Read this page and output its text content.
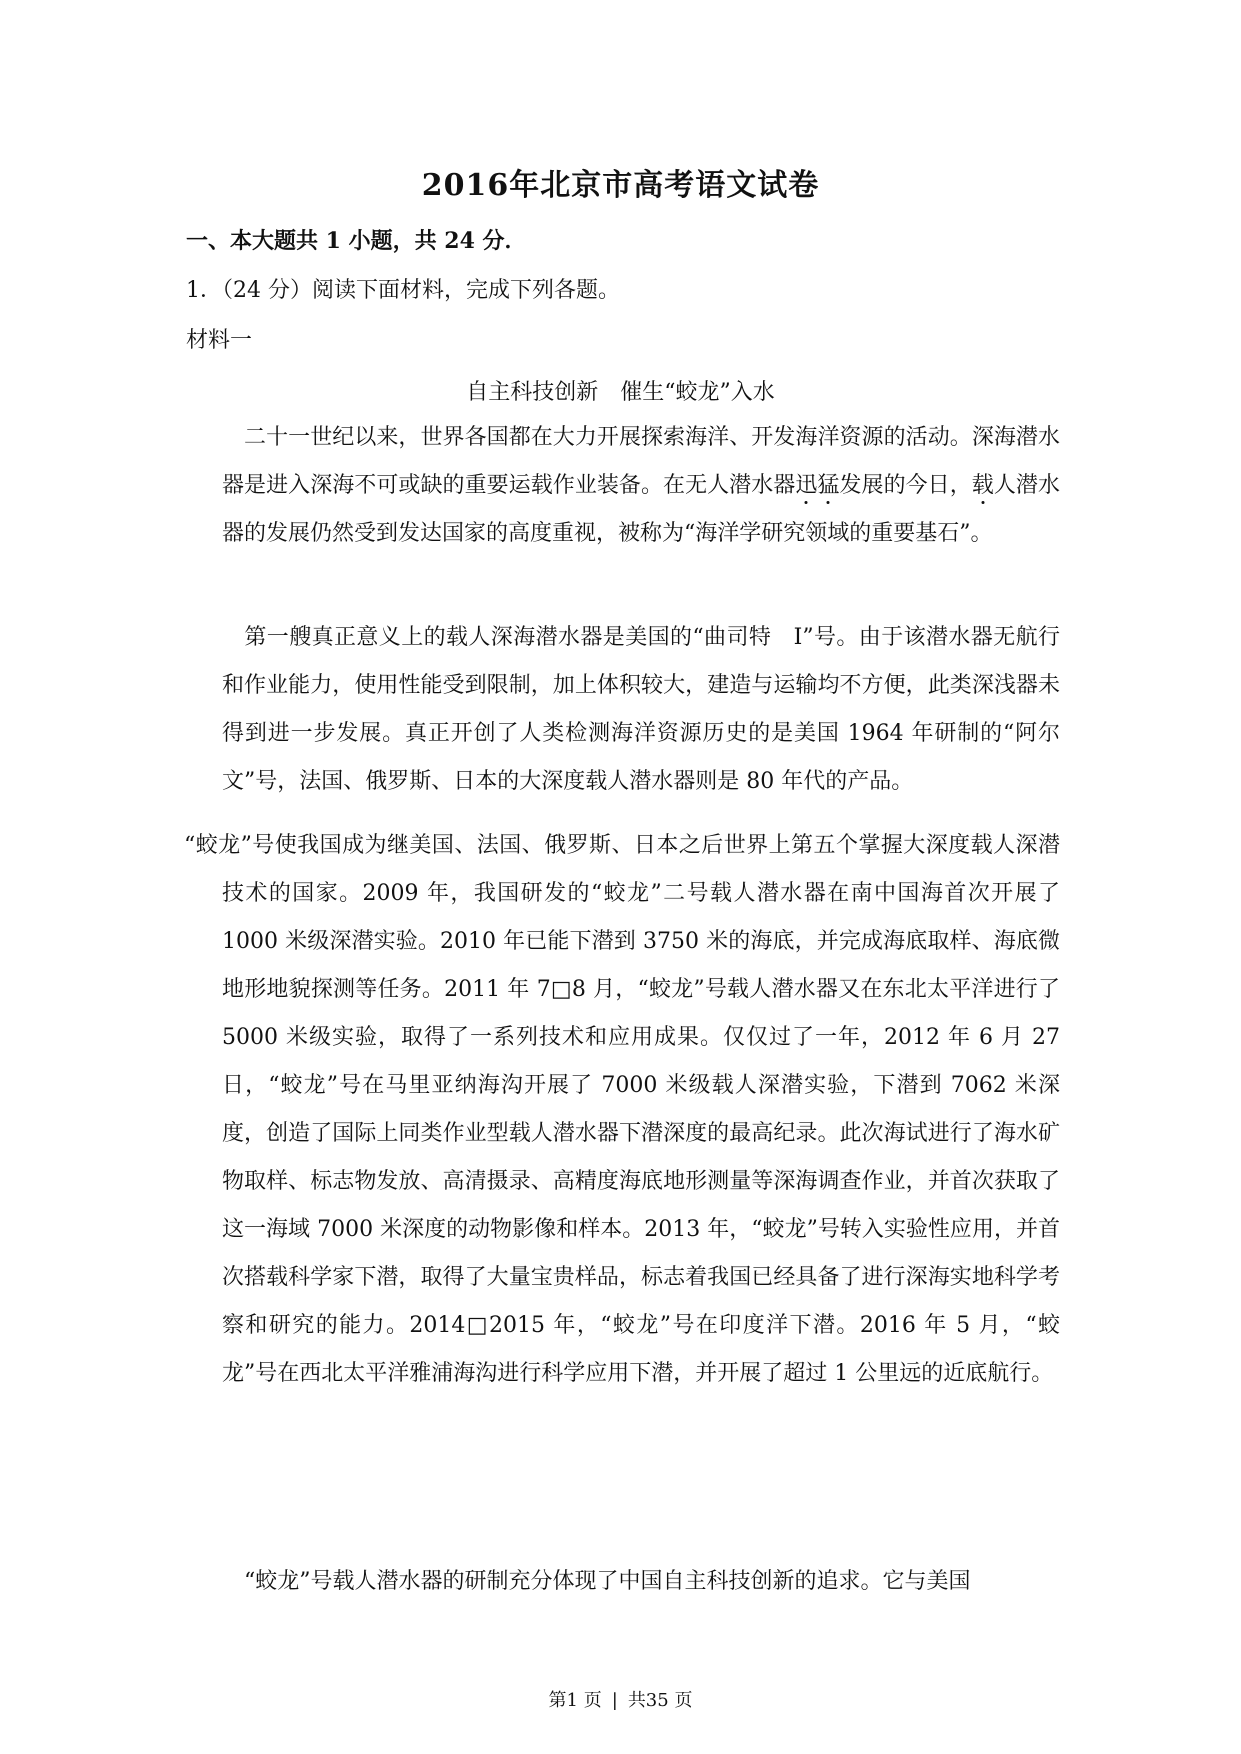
2016年北京市高考语文试卷
一、本大题共 1 小题，共 24 分．
1．（24 分）阅读下面材料，完成下列各题。
材料一
自主科技创新　催生“蛟龙”入水
二十一世纪以来，世界各国都在大力开展探索海洋、开发海洋资源的活动。深海潜水器是进入深海不可或缺的重要运载作业装备。在无人潜水器迅猛发展的今日，载人潜水器的发展仍然受到发达国家的高度重视，被称为“海洋学研究领域的重要基石”。
第一艘真正意义上的载人深海潜水器是美国的“曲司特　I”号。由于该潜水器无航行和作业能力，使用性能受到限制，加上体积较大，建造与运输均不方便，此类深浅器未得到进一步发展。真正开创了人类检测海洋资源历史的是美国 1964 年研制的“阿尔文”号，法国、俄罗斯、日本的大深度载人潜水器则是 80 年代的产品。
“蛟龙”号使我国成为继美国、法国、俄罗斯、日本之后世界上第五个掌握大深度载人深潜技术的国家。2009 年，我国研发的“蛟龙”二号载人潜水器在南中国海首次开展了 1000 米级深潜实验。2010 年已能下潜到 3750 米的海底，并完成海底取样、海底微地形地貌探测等任务。2011 年 7□8 月，“蛟龙”号载人潜水器又在东北太平洋进行了 5000 米级实验，取得了一系列技术和应用成果。仅仅过了一年，2012 年 6 月 27 日，“蛟龙”号在马里亚纳海沟开展了 7000 米级载人深潜实验，下潜到 7062 米深度，创造了国际上同类作业型载人潜水器下潜深度的最高纪录。此次海试进行了海水矿物取样、标志物发放、高清摄录、高精度海底地形测量等深海调查作业，并首次获取了这一海域 7000 米深度的动物影像和样本。2013 年，“蛟龙”号转入实验性应用，并首次搭载科学家下潜，取得了大量宝贵样品，标志着我国已经具备了进行深海实地科学考察和研究的能力。2014□2015 年，“蛟龙”号在印度洋下潜。2016 年 5 月，“蛟龙”号在西北太平洋雅浦海沟进行科学应用下潜，并开展了超过 1 公里远的近底航行。
“蛟龙”号载人潜水器的研制充分体现了中国自主科技创新的追求。它与美国
第1 页 | 共35 页
